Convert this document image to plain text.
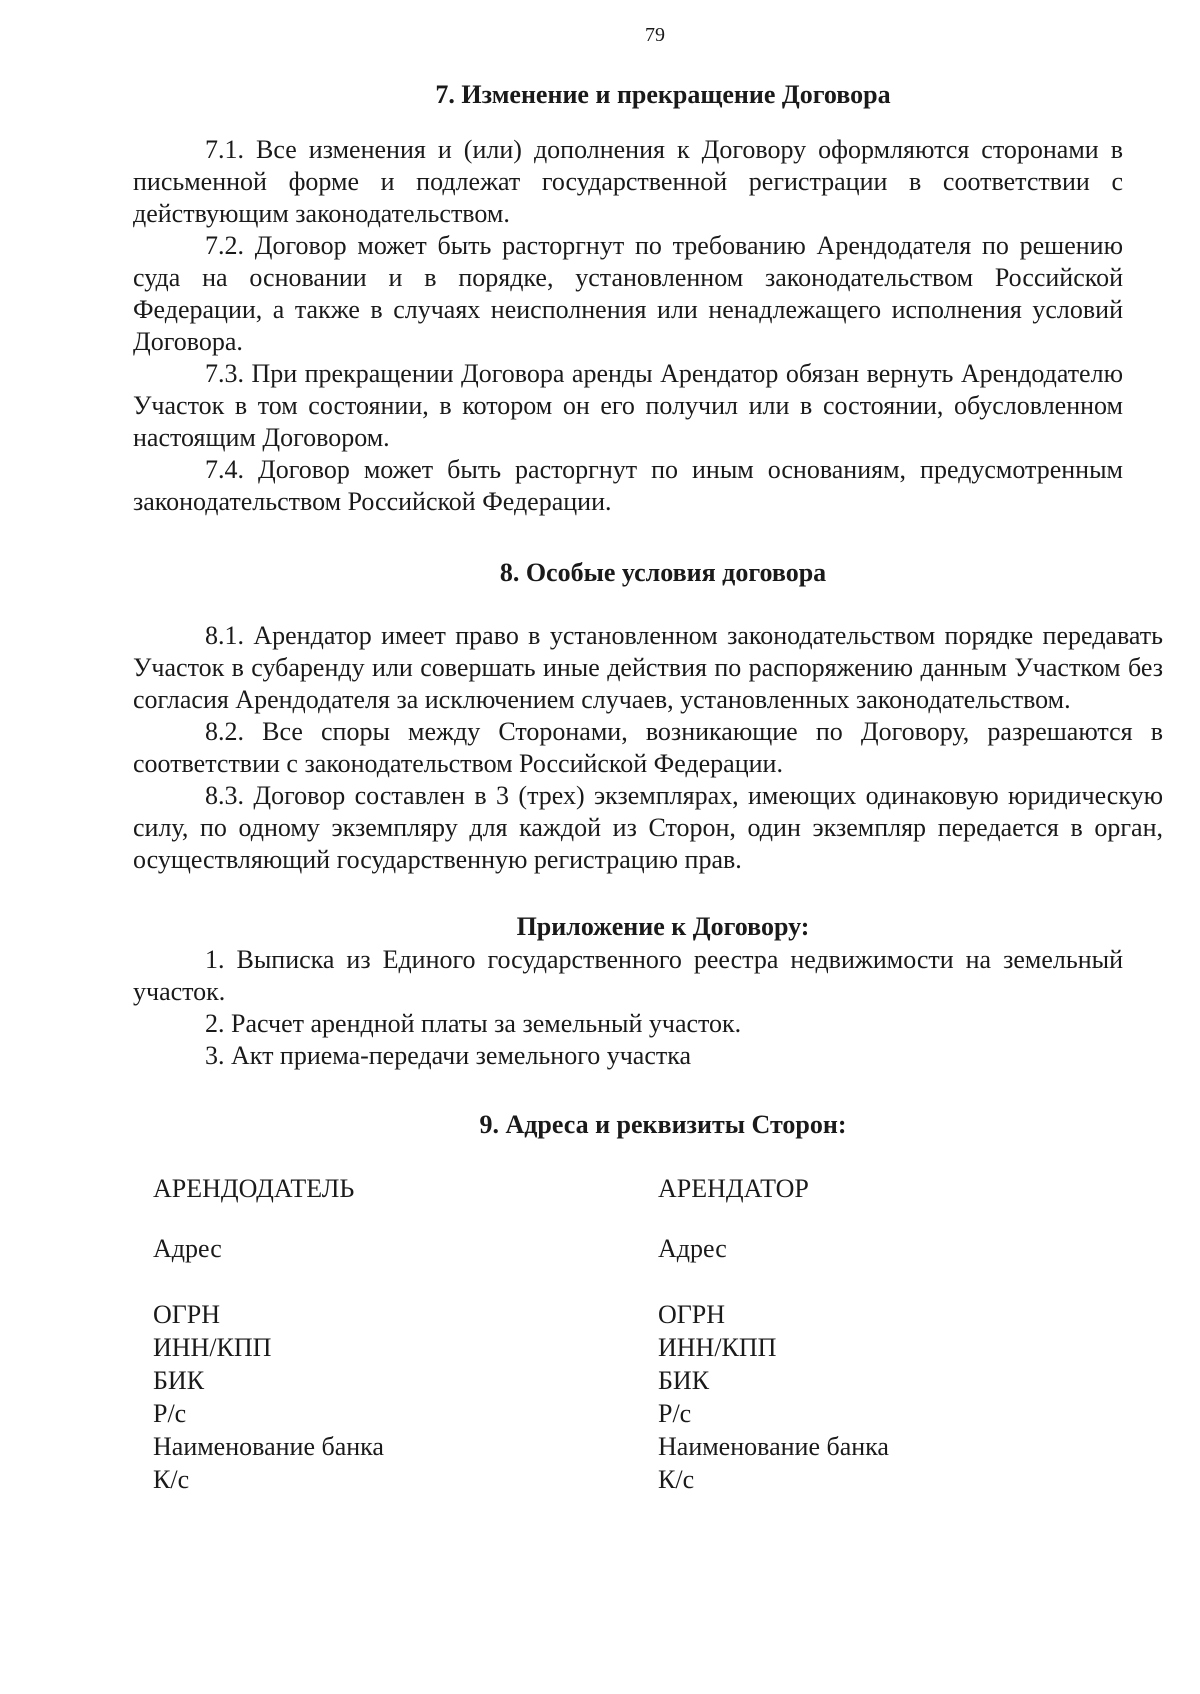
79
7. Изменение и прекращение Договора

7.1. Все изменения и (или) дополнения к Договору оформляются сторонами в письменной форме и подлежат государственной регистрации в соответствии с действующим законодательством.

7.2. Договор может быть расторгнут по требованию Арендодателя по решению суда на основании и в порядке, установленном законодательством Российской Федерации, а также в случаях неисполнения или ненадлежащего исполнения условий Договора.

7.3. При прекращении Договора аренды Арендатор обязан вернуть Арендодателю Участок в том состоянии, в котором он его получил или в состоянии, обусловленном настоящим Договором.

7.4. Договор может быть расторгнут по иным основаниям, предусмотренным законодательством Российской Федерации.

8. Особые условия договора

8.1. Арендатор имеет право в установленном законодательством порядке передавать Участок в субаренду или совершать иные действия по распоряжению данным Участком без согласия Арендодателя за исключением случаев, установленных законодательством.

8.2. Все споры между Сторонами, возникающие по Договору, разрешаются в соответствии с законодательством Российской Федерации.

8.3. Договор составлен в 3 (трех) экземплярах, имеющих одинаковую юридическую силу, по одному экземпляру для каждой из Сторон, один экземпляр передается в орган, осуществляющий государственную регистрацию прав.

Приложение к Договору:

1. Выписка из Единого государственного реестра недвижимости на земельный участок.

2. Расчет арендной платы за земельный участок.

3. Акт приема-передачи земельного участка

9. Адреса и реквизиты Сторон:
АРЕНДОДАТЕЛЬ
Адрес
ОГРН
ИНН/КПП
БИК
Р/с
Наименование банка
К/с
АРЕНДАТОР
Адрес
ОГРН
ИНН/КПП
БИК
Р/с
Наименование банка
К/с
